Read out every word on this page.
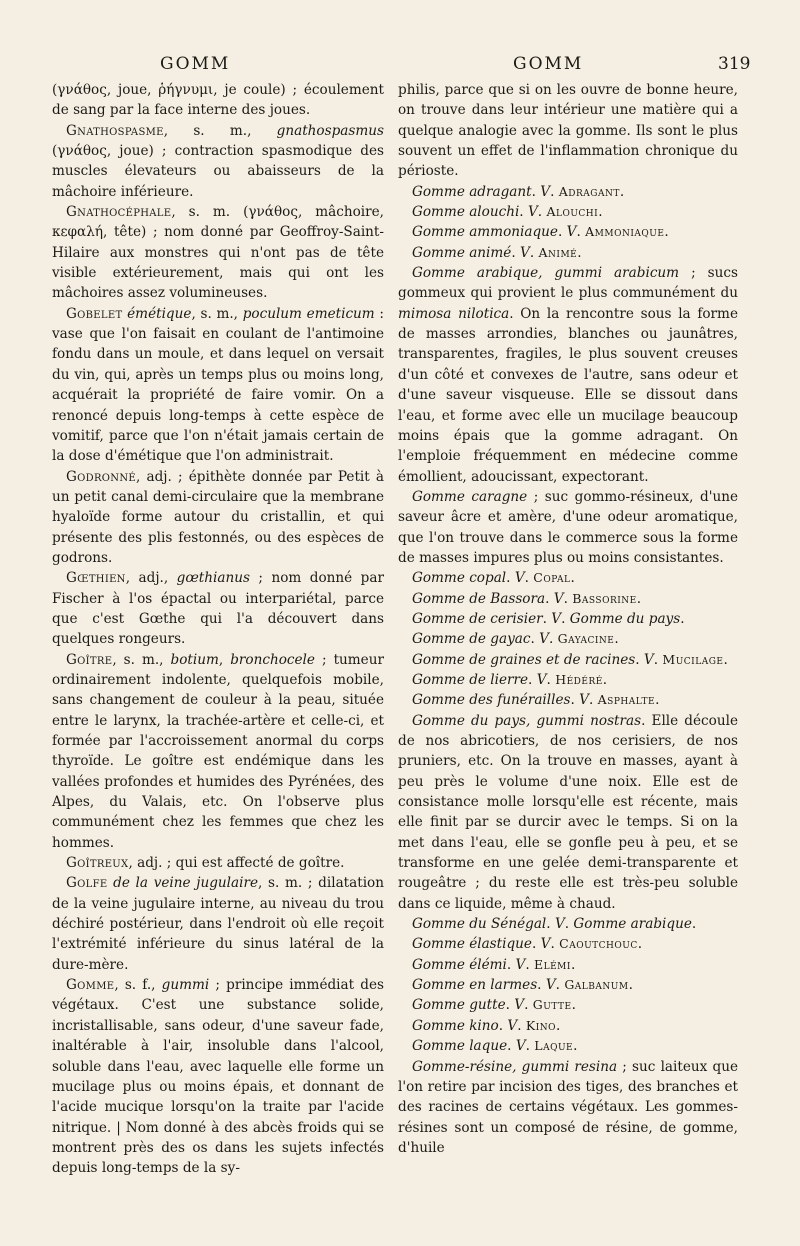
GOMM	GOMM	319

(γνάθος, joue, ῥήγνυμι, je coule) ; écoulement de sang par la face interne des joues.

Gnathospasme, s. m., gnathospasmus (γνάθος, joue) ; contraction spasmodique des muscles élevateurs ou abaisseurs de la mâchoire inférieure.

Gnathocéphale, s. m. (γνάθος, mâchoire, κεφαλή, tête) ; nom donné par Geoffroy-Saint-Hilaire aux monstres qui n'ont pas de tête visible extérieurement, mais qui ont les mâchoires assez volumineuses.

Gobelet émétique, s. m., poculum emeticum : vase que l'on faisait en coulant de l'antimoine fondu dans un moule, et dans lequel on versait du vin, qui, après un temps plus ou moins long, acquérait la propriété de faire vomir. On a renoncé depuis long-temps à cette espèce de vomitif, parce que l'on n'était jamais certain de la dose d'émétique que l'on administrait.

Godronné, adj. ; épithète donnée par Petit à un petit canal demi-circulaire que la membrane hyaloïde forme autour du cristallin, et qui présente des plis festonnés, ou des espèces de godrons.

Gœthien, adj., gœthianus ; nom donné par Fischer à l'os épactal ou interpariétal, parce que c'est Gœthe qui l'a découvert dans quelques rongeurs.

Goître, s. m., botium, bronchocele ; tumeur ordinairement indolente, quelquefois mobile, sans changement de couleur à la peau, située entre le larynx, la trachée-artère et celle-ci, et formée par l'accroissement anormal du corps thyroïde. Le goître est endémique dans les vallées profondes et humides des Pyrénées, des Alpes, du Valais, etc. On l'observe plus communément chez les femmes que chez les hommes.

Goîtreux, adj. ; qui est affecté de goître.

Golfe de la veine jugulaire, s. m. ; dilatation de la veine jugulaire interne, au niveau du trou déchiré postérieur, dans l'endroit où elle reçoit l'extrémité inférieure du sinus latéral de la dure-mère.

Gomme, s. f., gummi ; principe immédiat des végétaux. C'est une substance solide, incristallisable, sans odeur, d'une saveur fade, inaltérable à l'air, insoluble dans l'alcool, soluble dans l'eau, avec laquelle elle forme un mucilage plus ou moins épais, et donnant de l'acide mucique lorsqu'on la traite par l'acide nitrique. | Nom donné à des abcès froids qui se montrent près des os dans les sujets infectés depuis long-temps de la sy-

philis, parce que si on les ouvre de bonne heure, on trouve dans leur intérieur une matière qui a quelque analogie avec la gomme. Ils sont le plus souvent un effet de l'inflammation chronique du périoste.

Gomme adragant. V. Adragant.

Gomme alouchi. V. Alouchi.

Gomme ammoniaque. V. Ammoniaque.

Gomme animé. V. Animé.

Gomme arabique, gummi arabicum ; sucs gommeux qui provient le plus communément du mimosa nilotica. On la rencontre sous la forme de masses arrondies, blanches ou jaunâtres, transparentes, fragiles, le plus souvent creuses d'un côté et convexes de l'autre, sans odeur et d'une saveur visqueuse. Elle se dissout dans l'eau, et forme avec elle un mucilage beaucoup moins épais que la gomme adragant. On l'emploie fréquemment en médecine comme émollient, adoucissant, expectorant.

Gomme caragne ; suc gommo-résineux, d'une saveur âcre et amère, d'une odeur aromatique, que l'on trouve dans le commerce sous la forme de masses impures plus ou moins consistantes.

Gomme copal. V. Copal.

Gomme de Bassora. V. Bassorine.

Gomme de cerisier. V. Gomme du pays.

Gomme de gayac. V. Gayacine.

Gomme de graines et de racines. V. Mucilage.

Gomme de lierre. V. Hédéré.

Gomme des funérailles. V. Asphalte.

Gomme du pays, gummi nostras. Elle découle de nos abricotiers, de nos cerisiers, de nos pruniers, etc. On la trouve en masses, ayant à peu près le volume d'une noix. Elle est de consistance molle lorsqu'elle est récente, mais elle finit par se durcir avec le temps. Si on la met dans l'eau, elle se gonfle peu à peu, et se transforme en une gelée demi-transparente et rougeâtre ; du reste elle est très-peu soluble dans ce liquide, même à chaud.

Gomme du Sénégal. V. Gomme arabique.

Gomme élastique. V. Caoutchouc.

Gomme élémi. V. Elémi.

Gomme en larmes. V. Galbanum.

Gomme gutte. V. Gutte.

Gomme kino. V. Kino.

Gomme laque. V. Laque.

Gomme-résine, gummi resina ; suc laiteux que l'on retire par incision des tiges, des branches et des racines de certains végétaux. Les gommes-résines sont un composé de résine, de gomme, d'huile
